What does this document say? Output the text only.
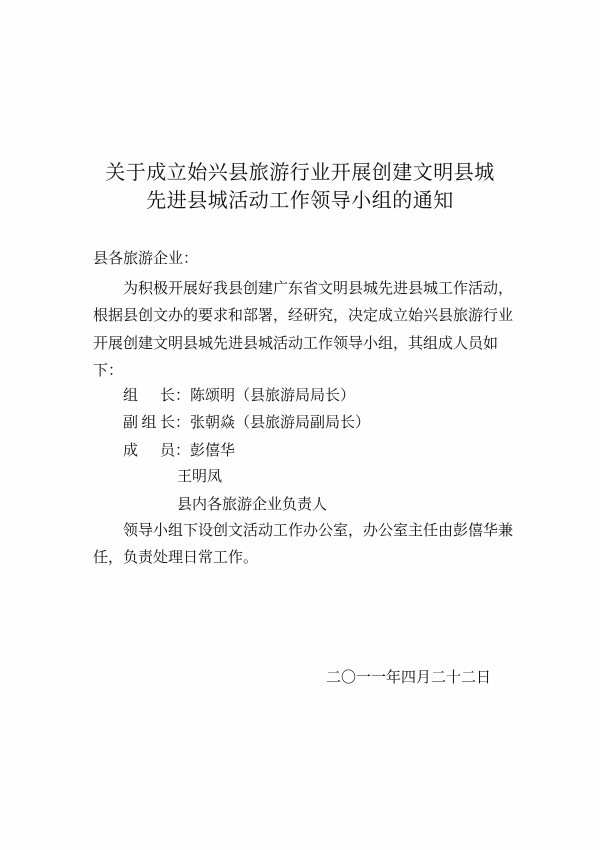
关于成立始兴县旅游行业开展创建文明县城
先进县城活动工作领导小组的通知
县各旅游企业：

为积极开展好我县创建广东省文明县城先进县城工作活动，根据县创文办的要求和部署，经研究，决定成立始兴县旅游行业开展创建文明县城先进县城活动工作领导小组，其组成人员如下：

组 长：陈颂明（县旅游局局长）
副组长：张朝焱（县旅游局副局长）
成 员：彭僖华
王明凤
县内各旅游企业负责人

领导小组下设创文活动工作办公室，办公室主任由彭僖华兼任，负责处理日常工作。

二〇一一年四月二十二日
